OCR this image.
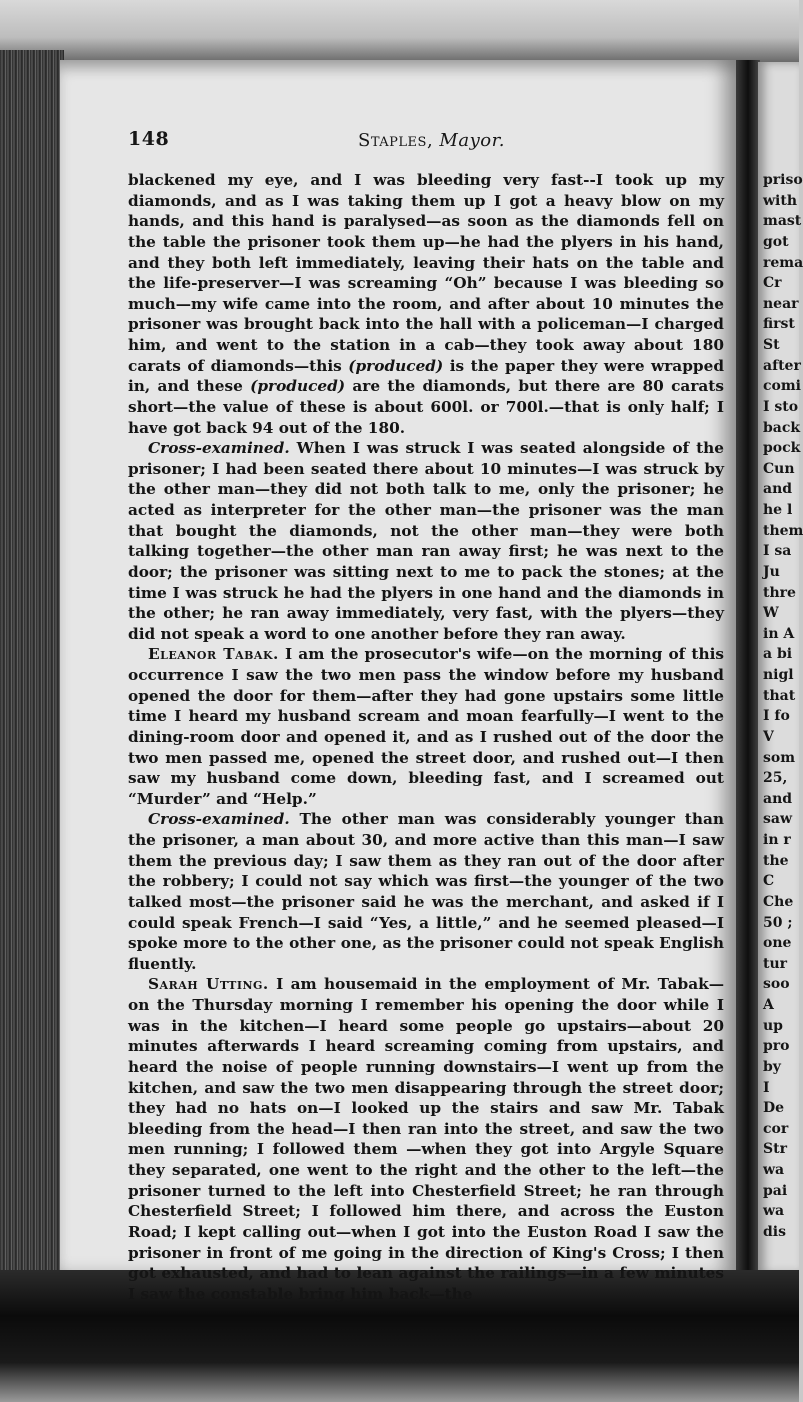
148	Staples, Mayor.

blackened my eye, and I was bleeding very fast--I took up my diamonds, and as I was taking them up I got a heavy blow on my hands, and this hand is paralysed—as soon as the diamonds fell on the table the prisoner took them up—he had the plyers in his hand, and they both left immediately, leaving their hats on the table and the life-preserver—I was screaming “Oh” because I was bleeding so much—my wife came into the room, and after about 10 minutes the prisoner was brought back into the hall with a policeman—I charged him, and went to the station in a cab—they took away about 180 carats of diamonds—this (produced) is the paper they were wrapped in, and these (produced) are the diamonds, but there are 80 carats short—the value of these is about 600l. or 700l.—that is only half; I have got back 94 out of the 180.

Cross-examined. When I was struck I was seated alongside of the prisoner; I had been seated there about 10 minutes—I was struck by the other man—they did not both talk to me, only the prisoner; he acted as interpreter for the other man—the prisoner was the man that bought the diamonds, not the other man—they were both talking together—the other man ran away first; he was next to the door; the prisoner was sitting next to me to pack the stones; at the time I was struck he had the plyers in one hand and the diamonds in the other; he ran away immediately, very fast, with the plyers—they did not speak a word to one another before they ran away.

Eleanor Tabak. I am the prosecutor's wife—on the morning of this occurrence I saw the two men pass the window before my husband opened the door for them—after they had gone upstairs some little time I heard my husband scream and moan fearfully—I went to the dining-room door and opened it, and as I rushed out of the door the two men passed me, opened the street door, and rushed out—I then saw my husband come down, bleeding fast, and I screamed out “Murder” and “Help.”

Cross-examined. The other man was considerably younger than the prisoner, a man about 30, and more active than this man—I saw them the previous day; I saw them as they ran out of the door after the robbery; I could not say which was first—the younger of the two talked most—the prisoner said he was the merchant, and asked if I could speak French—I said “Yes, a little,” and he seemed pleased—I spoke more to the other one, as the prisoner could not speak English fluently.

Sarah Utting. I am housemaid in the employment of Mr. Tabak—on the Thursday morning I remember his opening the door while I was in the kitchen—I heard some people go upstairs—about 20 minutes afterwards I heard screaming coming from upstairs, and heard the noise of people running downstairs—I went up from the kitchen, and saw the two men disappearing through the street door; they had no hats on—I looked up the stairs and saw Mr. Tabak bleeding from the head—I then ran into the street, and saw the two men running; I followed them —when they got into Argyle Square they separated, one went to the right and the other to the left—the prisoner turned to the left into Chesterfield Street; he ran through Chesterfield Street; I followed him there, and across the Euston Road; I kept calling out—when I got into the Euston Road I saw the prisoner in front of me going in the direction of King's Cross; I then got exhausted, and had to lean against the railings—in a few minutes I saw the constable bring him back—the

priso
with
mast
got
rema
Cr
near
first
St
after
comi
I sto
back
pock
Cun
and
he l
them
I sa
Ju
thre
W
in A
a bi
nigl
that
I fo
V
som
25,
and
saw
in r
the
C
Che
50 ;
one
tur
soo
A
up
pro
by
I
De
cor
Str
wa
pai
wa
dis
